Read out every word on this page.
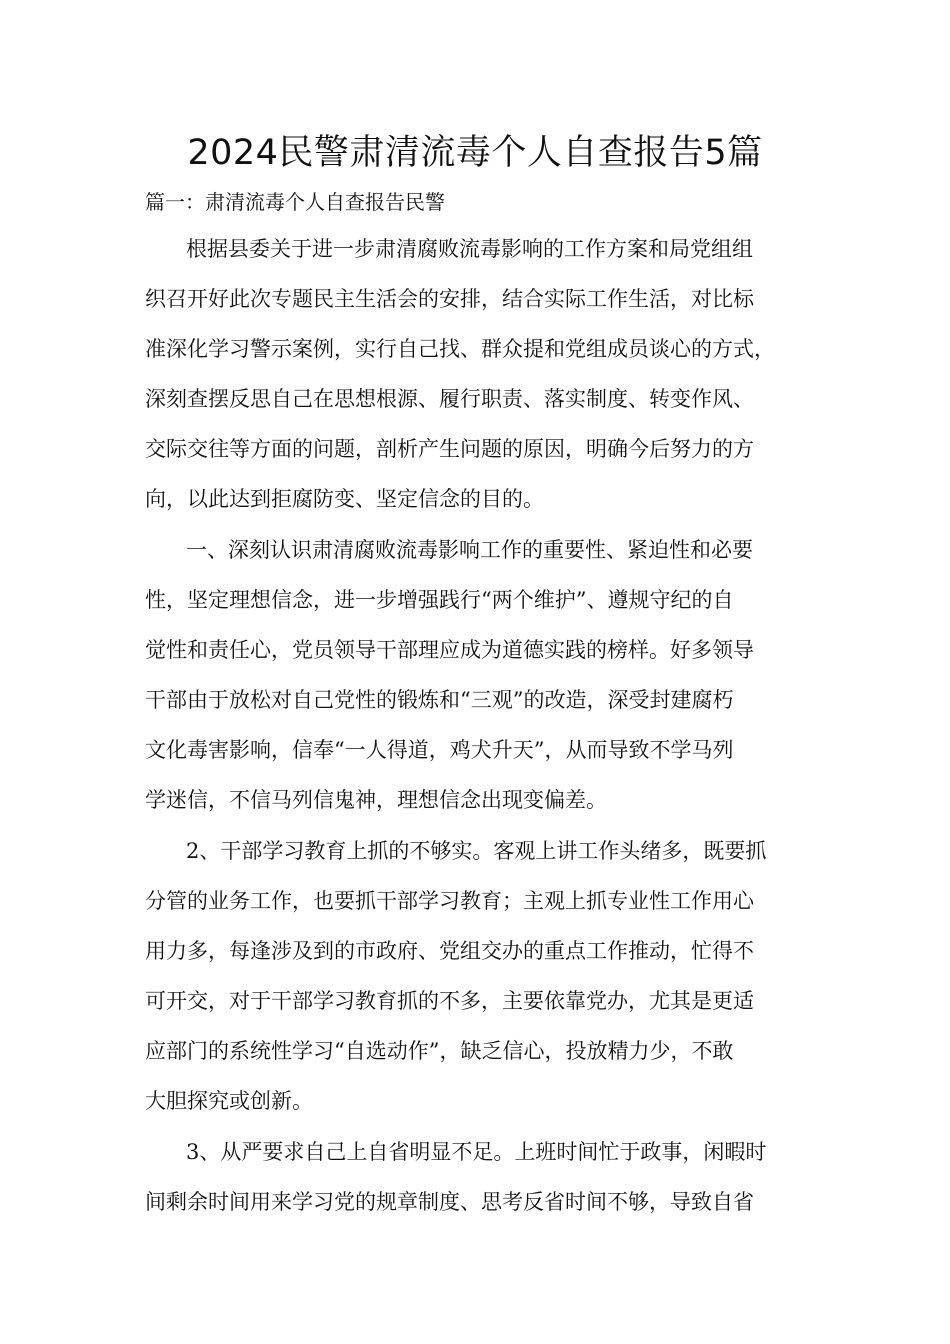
2024民警肃清流毒个人自查报告5篇
篇一：肃清流毒个人自查报告民警

根据县委关于进一步肃清腐败流毒影响的工作方案和局党组组

织召开好此次专题民主生活会的安排，结合实际工作生活，对比标

准深化学习警示案例，实行自己找、群众提和党组成员谈心的方式，

深刻查摆反思自己在思想根源、履行职责、落实制度、转变作风、

交际交往等方面的问题，剖析产生问题的原因，明确今后努力的方

向，以此达到拒腐防变、坚定信念的目的。

一、深刻认识肃清腐败流毒影响工作的重要性、紧迫性和必要

性，坚定理想信念，进一步增强践行“两个维护”、遵规守纪的自

觉性和责任心，党员领导干部理应成为道德实践的榜样。好多领导

干部由于放松对自己党性的锻炼和“三观”的改造，深受封建腐朽

文化毒害影响，信奉“一人得道，鸡犬升天”，从而导致不学马列

学迷信，不信马列信鬼神，理想信念出现变偏差。

2、干部学习教育上抓的不够实。客观上讲工作头绪多，既要抓

分管的业务工作，也要抓干部学习教育；主观上抓专业性工作用心

用力多，每逢涉及到的市政府、党组交办的重点工作推动，忙得不

可开交，对于干部学习教育抓的不多，主要依靠党办，尤其是更适

应部门的系统性学习“自选动作”，缺乏信心，投放精力少，不敢

大胆探究或创新。

3、从严要求自己上自省明显不足。上班时间忙于政事，闲暇时

间剩余时间用来学习党的规章制度、思考反省时间不够，导致自省
